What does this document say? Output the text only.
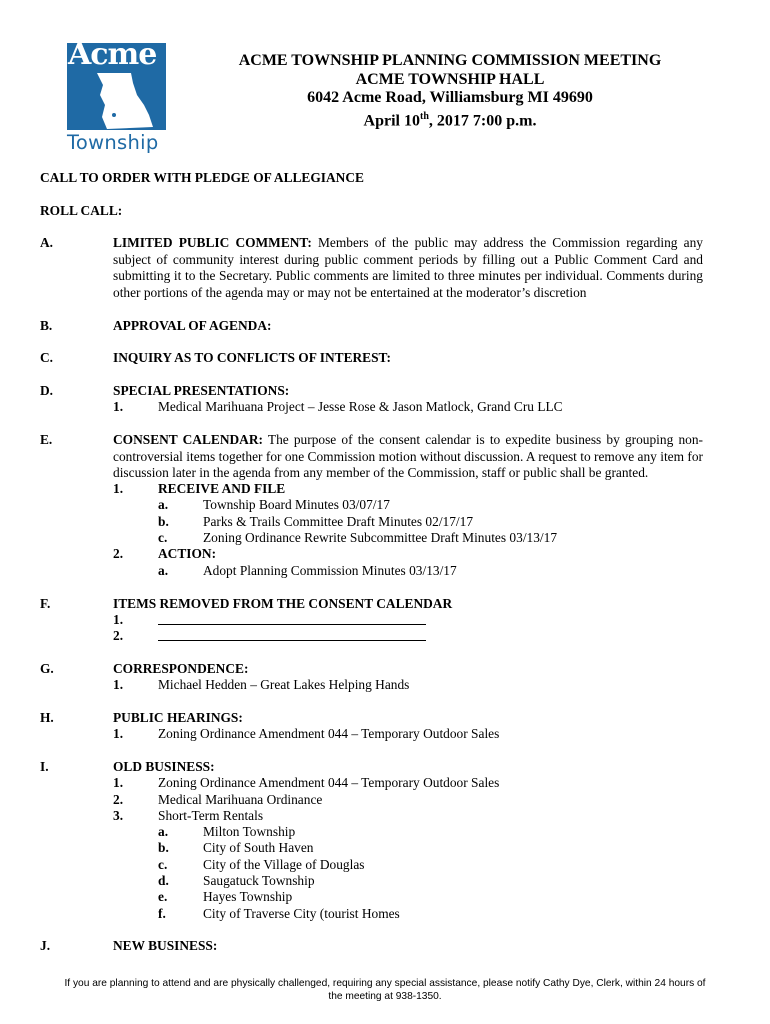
Acme
Township
ACME TOWNSHIP PLANNING COMMISSION MEETING
ACME TOWNSHIP HALL
6042 Acme Road, Williamsburg MI 49690
April 10th, 2017 7:00 p.m.
CALL TO ORDER WITH PLEDGE OF ALLEGIANCE
ROLL CALL:
A.	LIMITED PUBLIC COMMENT: Members of the public may address the Commission regarding any subject of community interest during public comment periods by filling out a Public Comment Card and submitting it to the Secretary. Public comments are limited to three minutes per individual. Comments during other portions of the agenda may or may not be entertained at the moderator’s discretion
B.	APPROVAL OF AGENDA:
C.	INQUIRY AS TO CONFLICTS OF INTEREST:
D.	SPECIAL PRESENTATIONS:
1.	Medical Marihuana Project – Jesse Rose & Jason Matlock, Grand Cru LLC
E.	CONSENT CALENDAR: The purpose of the consent calendar is to expedite business by grouping non-controversial items together for one Commission motion without discussion. A request to remove any item for discussion later in the agenda from any member of the Commission, staff or public shall be granted.
1.	RECEIVE AND FILE
a.	Township Board Minutes 03/07/17
b.	Parks & Trails Committee Draft Minutes 02/17/17
c.	Zoning Ordinance Rewrite Subcommittee Draft Minutes 03/13/17
2.	ACTION:
a.	Adopt Planning Commission Minutes 03/13/17
F.	ITEMS REMOVED FROM THE CONSENT CALENDAR
1.
2.
G.	CORRESPONDENCE:
1.	Michael Hedden – Great Lakes Helping Hands
H.	PUBLIC HEARINGS:
1.	Zoning Ordinance Amendment 044 – Temporary Outdoor Sales
I.	OLD BUSINESS:
1.	Zoning Ordinance Amendment 044 – Temporary Outdoor Sales
2.	Medical Marihuana Ordinance
3.	Short-Term Rentals
a.	Milton Township
b.	City of South Haven
c.	City of the Village of Douglas
d.	Saugatuck Township
e.	Hayes Township
f.	City of Traverse City (tourist Homes
J.	NEW BUSINESS:
If you are planning to attend and are physically challenged, requiring any special assistance, please notify Cathy Dye, Clerk, within 24 hours of
the meeting at 938-1350.
